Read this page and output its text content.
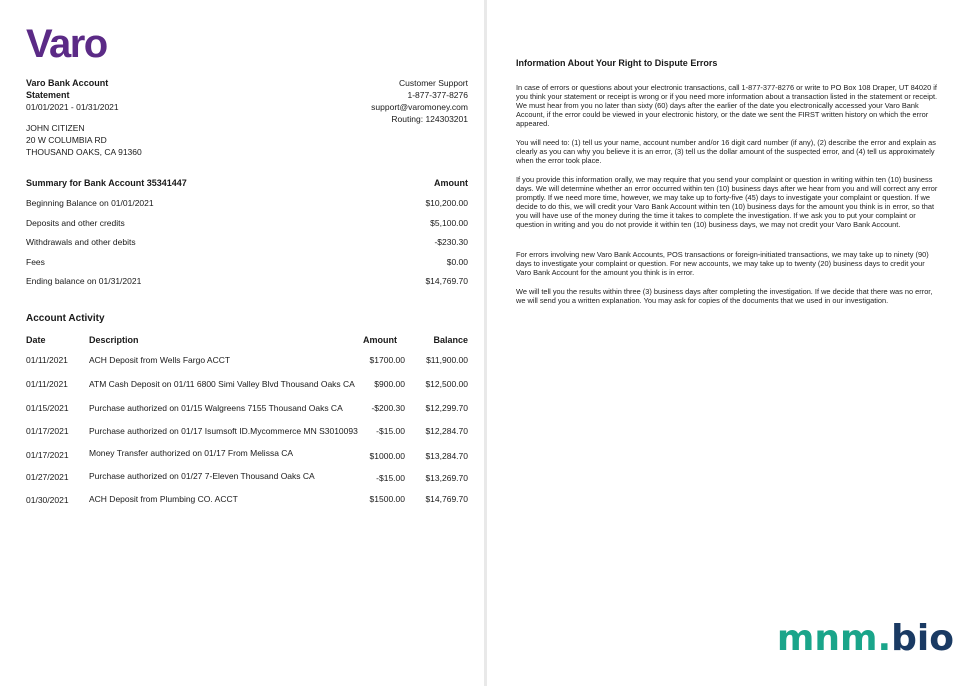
Varo
Varo Bank Account
Statement
01/01/2021 - 01/31/2021
JOHN CITIZEN
20 W COLUMBIA RD
THOUSAND OAKS, CA 91360
Customer Support
1-877-377-8276
support@varomoney.com
Routing: 124303201
Summary for Bank Account 35341447	Amount
Beginning Balance on 01/01/2021	$10,200.00
Deposits and other credits	$5,100.00
Withdrawals and other debits	-$230.30
Fees	$0.00
Ending balance on 01/31/2021	$14,769.70
Account Activity
Date	Description	Amount	Balance
01/11/2021 ACH Deposit from Wells Fargo ACCT	$1700.00 $11,900.00
01/11/2021 ATM Cash Deposit on 01/11 6800 Simi Valley Blvd Thousand Oaks CA $900.00 $12,500.00
01/15/2021 Purchase authorized on 01/15 Walgreens 7155 Thousand Oaks CA	-$200.30 $12,299.70
01/17/2021 Purchase authorized on 01/17 Isumsoft ID.Mycommerce MN S3010093 -$15.00 $12,284.70
01/17/2021 Money Transfer authorized on 01/17 From Melissa CA	$1000.00 $13,284.70
01/27/2021 Purchase authorized on 01/27 7-Eleven Thousand Oaks CA	-$15.00 $13,269.70
01/30/2021 ACH Deposit from Plumbing CO. ACCT	$1500.00 $14,769.70
Information About Your Right to Dispute Errors
In case of errors or questions about your electronic transactions, call 1-877-377-8276 or write to PO Box 108 Draper, UT 84020 if you think your statement or receipt is wrong or if you need more information about a transaction listed in the statement or receipt. We must hear from you no later than sixty (60) days after the earlier of the date you electronically accessed your Varo Bank Account, if the error could be viewed in your electronic history, or the date we sent the FIRST written history on which the error appeared.
You will need to: (1) tell us your name, account number and/or 16 digit card number (if any), (2) describe the error and explain as clearly as you can why you believe it is an error, (3) tell us the dollar amount of the suspected error, and (4) tell us approximately when the error took place.
If you provide this information orally, we may require that you send your complaint or question in writing within ten (10) business days. We will determine whether an error occurred within ten (10) business days after we hear from you and will correct any error promptly. If we need more time, however, we may take up to forty-five (45) days to investigate your complaint or question. If we decide to do this, we will credit your Varo Bank Account within ten (10) business days for the amount you think is in error, so that you will have use of the money during the time it takes to complete the investigation. If we ask you to put your complaint or question in writing and you do not provide it within ten (10) business days, we may not credit your Varo Bank Account.
For errors involving new Varo Bank Accounts, POS transactions or foreign-initiated transactions, we may take up to ninety (90) days to investigate your complaint or question. For new accounts, we may take up to twenty (20) business days to credit your Varo Bank Account for the amount you think is in error.
We will tell you the results within three (3) business days after completing the investigation. If we decide that there was no error, we will send you a written explanation. You may ask for copies of the documents that we used in our investigation.
mnm.bio
